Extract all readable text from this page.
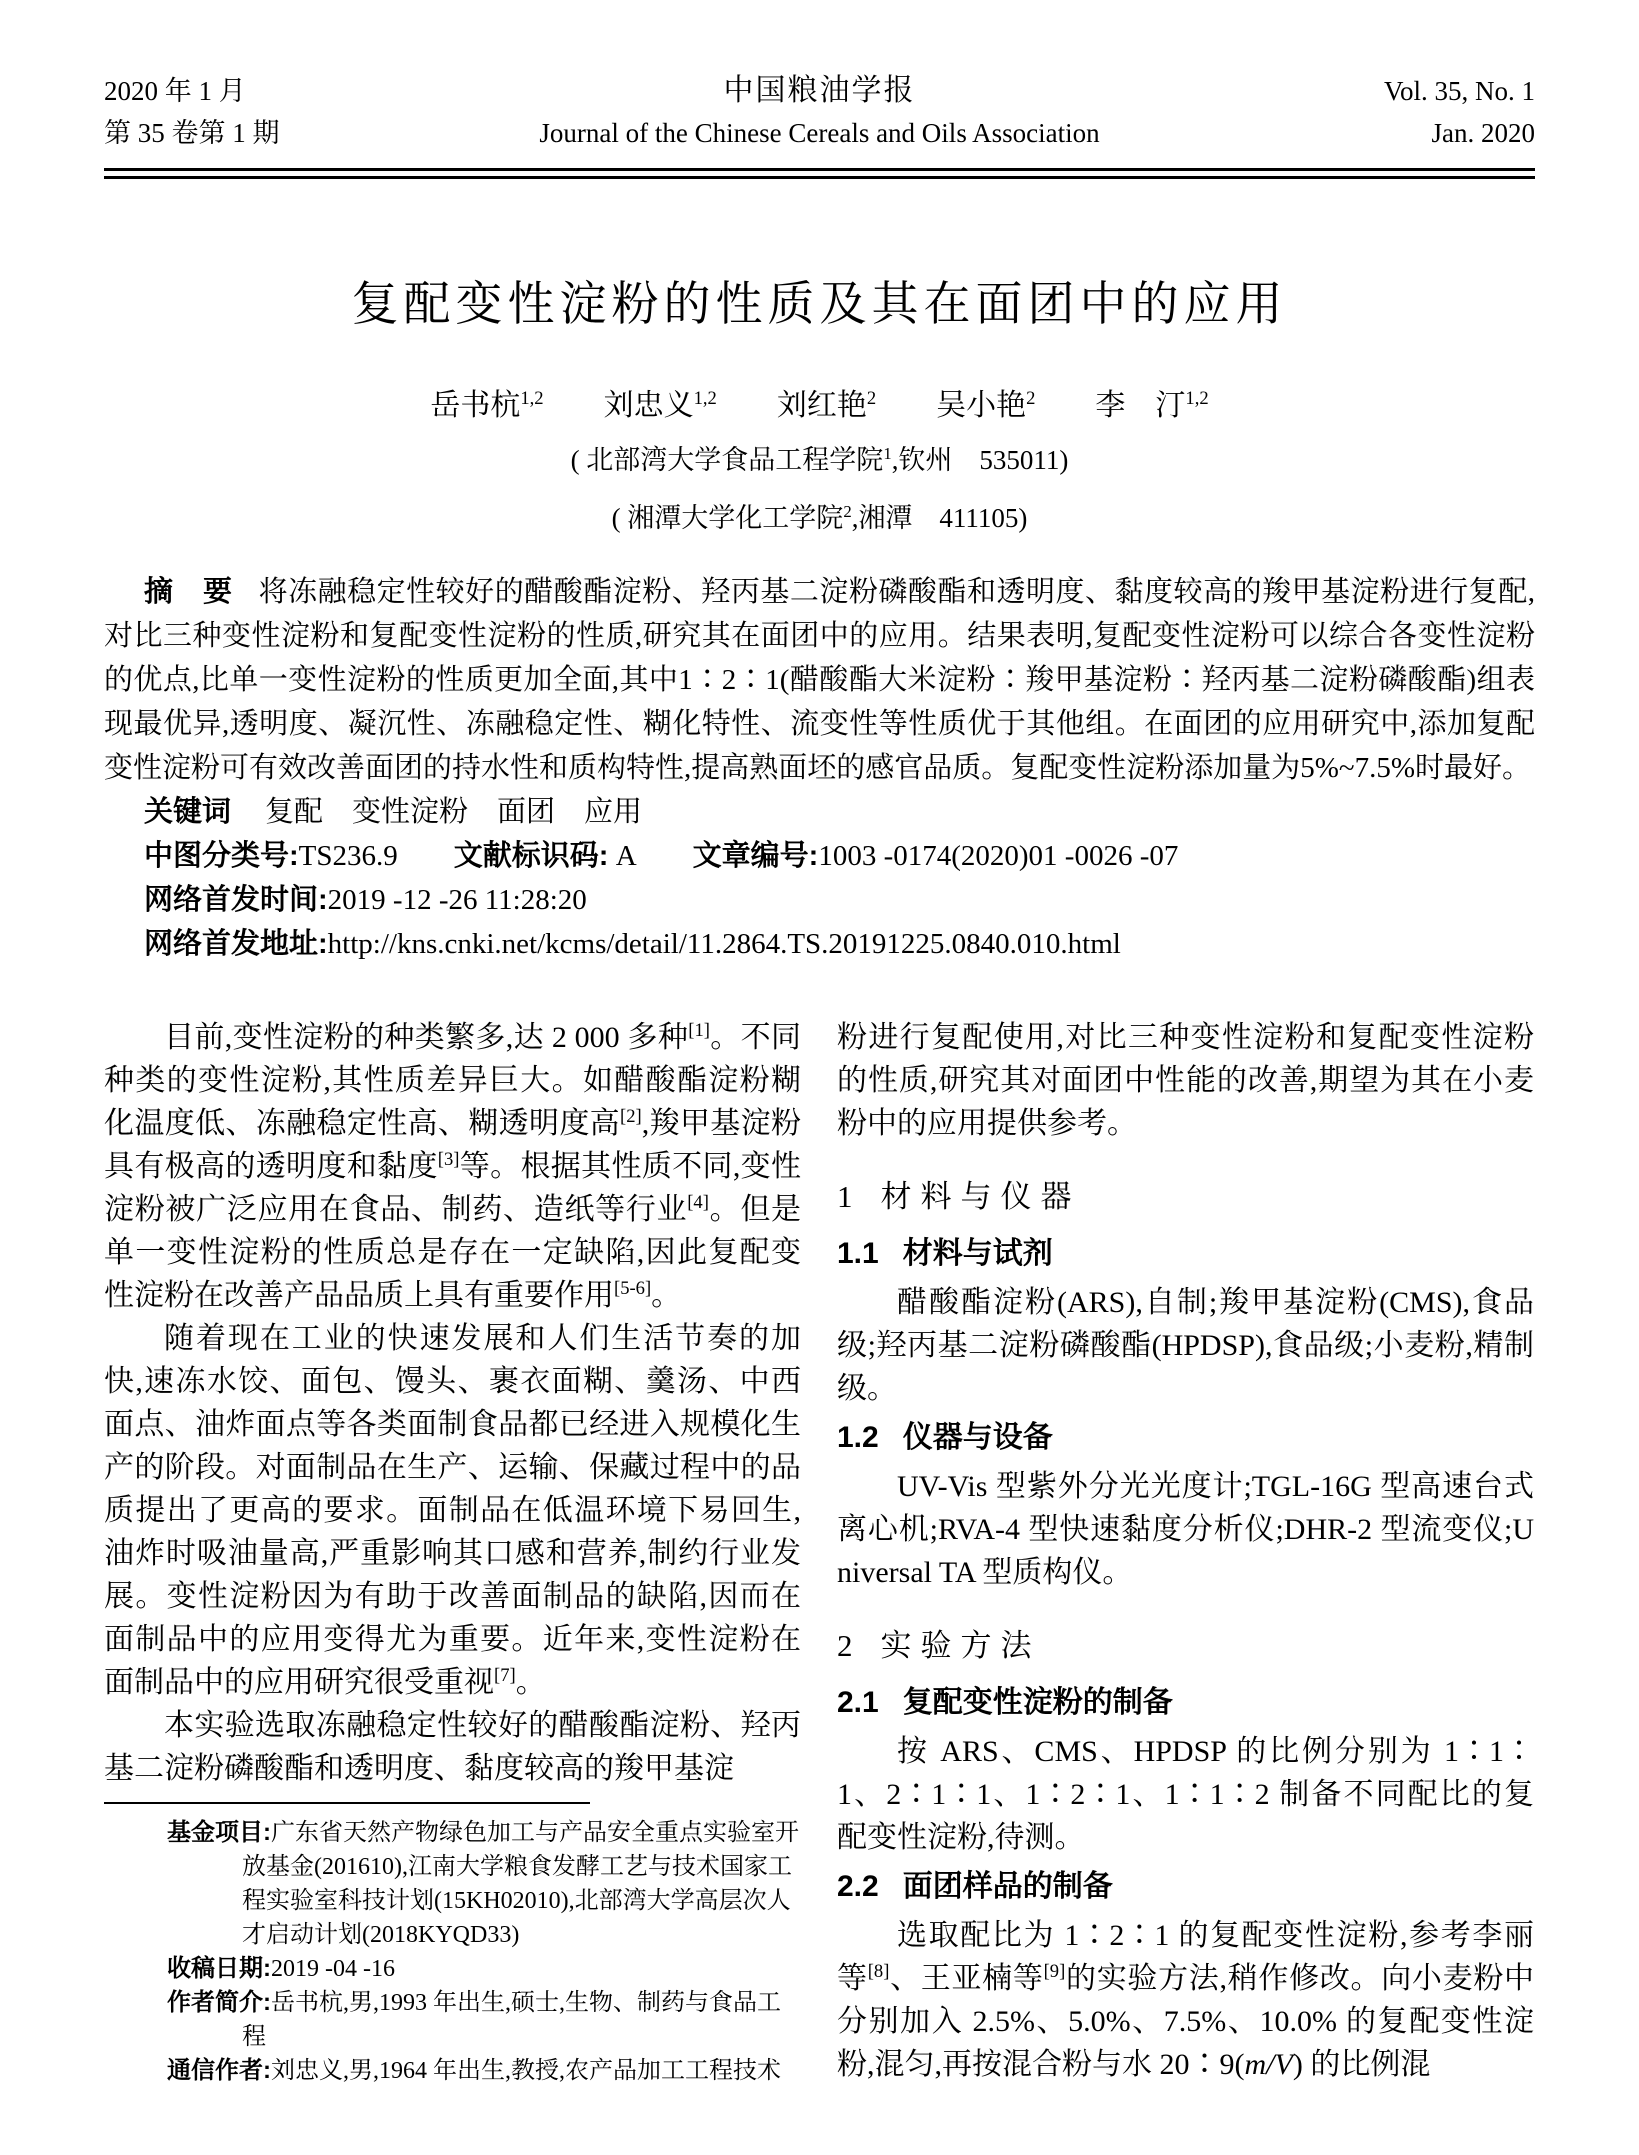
2020 年 1 月
第 35 卷第 1 期
中国粮油学报
Journal of the Chinese Cereals and Oils Association
Vol. 35, No. 1
Jan. 2020
复配变性淀粉的性质及其在面团中的应用
岳书杭$^{1,2}$　　刘忠义$^{1,2}$　　刘红艳$^2$　　吴小艳$^2$　　李　汀$^{1,2}$
( 北部湾大学食品工程学院$^1$,钦州　535011)
( 湘潭大学化工学院$^2$,湘潭　411105)

摘　要 将冻融稳定性较好的醋酸酯淀粉、羟丙基二淀粉磷酸酯和透明度、黏度较高的羧甲基淀粉进行复配,对比三种变性淀粉和复配变性淀粉的性质,研究其在面团中的应用。结果表明,复配变性淀粉可以综合各变性淀粉的优点,比单一变性淀粉的性质更加全面,其中1∶2∶1(醋酸酯大米淀粉∶羧甲基淀粉∶羟丙基二淀粉磷酸酯)组表现最优异,透明度、凝沉性、冻融稳定性、糊化特性、流变性等性质优于其他组。在面团的应用研究中,添加复配变性淀粉可有效改善面团的持水性和质构特性,提高熟面坯的感官品质。复配变性淀粉添加量为5%~7.5%时最好。

关键词 复配　变性淀粉　面团　应用

中图分类号:TS236.9 文献标识码: A 文章编号:1003 -0174(2020)01 -0026 -07

网络首发时间:2019 -12 -26 11:28:20

网络首发地址:http://kns.cnki.net/kcms/detail/11.2864.TS.20191225.0840.010.html

目前,变性淀粉的种类繁多,达 2 000 多种[1]。不同种类的变性淀粉,其性质差异巨大。如醋酸酯淀粉糊化温度低、冻融稳定性高、糊透明度高[2],羧甲基淀粉具有极高的透明度和黏度[3]等。根据其性质不同,变性淀粉被广泛应用在食品、制药、造纸等行业[4]。但是单一变性淀粉的性质总是存在一定缺陷,因此复配变性淀粉在改善产品品质上具有重要作用[5-6]。

随着现在工业的快速发展和人们生活节奏的加快,速冻水饺、面包、馒头、裹衣面糊、羹汤、中西面点、油炸面点等各类面制食品都已经进入规模化生产的阶段。对面制品在生产、运输、保藏过程中的品质提出了更高的要求。面制品在低温环境下易回生,油炸时吸油量高,严重影响其口感和营养,制约行业发展。变性淀粉因为有助于改善面制品的缺陷,因而在面制品中的应用变得尤为重要。近年来,变性淀粉在面制品中的应用研究很受重视[7]。

本实验选取冻融稳定性较好的醋酸酯淀粉、羟丙基二淀粉磷酸酯和透明度、黏度较高的羧甲基淀

基金项目:广东省天然产物绿色加工与产品安全重点实验室开放基金(201610),江南大学粮食发酵工艺与技术国家工程实验室科技计划(15KH02010),北部湾大学高层次人才启动计划(2018KYQD33)
收稿日期:2019 -04 -16
作者简介:岳书杭,男,1993 年出生,硕士,生物、制药与食品工程
通信作者:刘忠义,男,1964 年出生,教授,农产品加工工程技术

粉进行复配使用,对比三种变性淀粉和复配变性淀粉的性质,研究其对面团中性能的改善,期望为其在小麦粉中的应用提供参考。

1 材料与仪器
1.1 材料与试剂

醋酸酯淀粉(ARS),自制;羧甲基淀粉(CMS),食品级;羟丙基二淀粉磷酸酯(HPDSP),食品级;小麦粉,精制级。

1.2 仪器与设备

UV-Vis 型紫外分光光度计;TGL-16G 型高速台式离心机;RVA-4 型快速黏度分析仪;DHR-2 型流变仪;Universal TA 型质构仪。

2 实验方法
2.1 复配变性淀粉的制备

按 ARS、CMS、HPDSP 的比例分别为 1∶1∶1、2∶1∶1、1∶2∶1、1∶1∶2 制备不同配比的复配变性淀粉,待测。

2.2 面团样品的制备

选取配比为 1∶2∶1 的复配变性淀粉,参考李丽等[8]、王亚楠等[9]的实验方法,稍作修改。向小麦粉中分别加入 2.5%、5.0%、7.5%、10.0% 的复配变性淀粉,混匀,再按混合粉与水 20∶9(m/V) 的比例混
